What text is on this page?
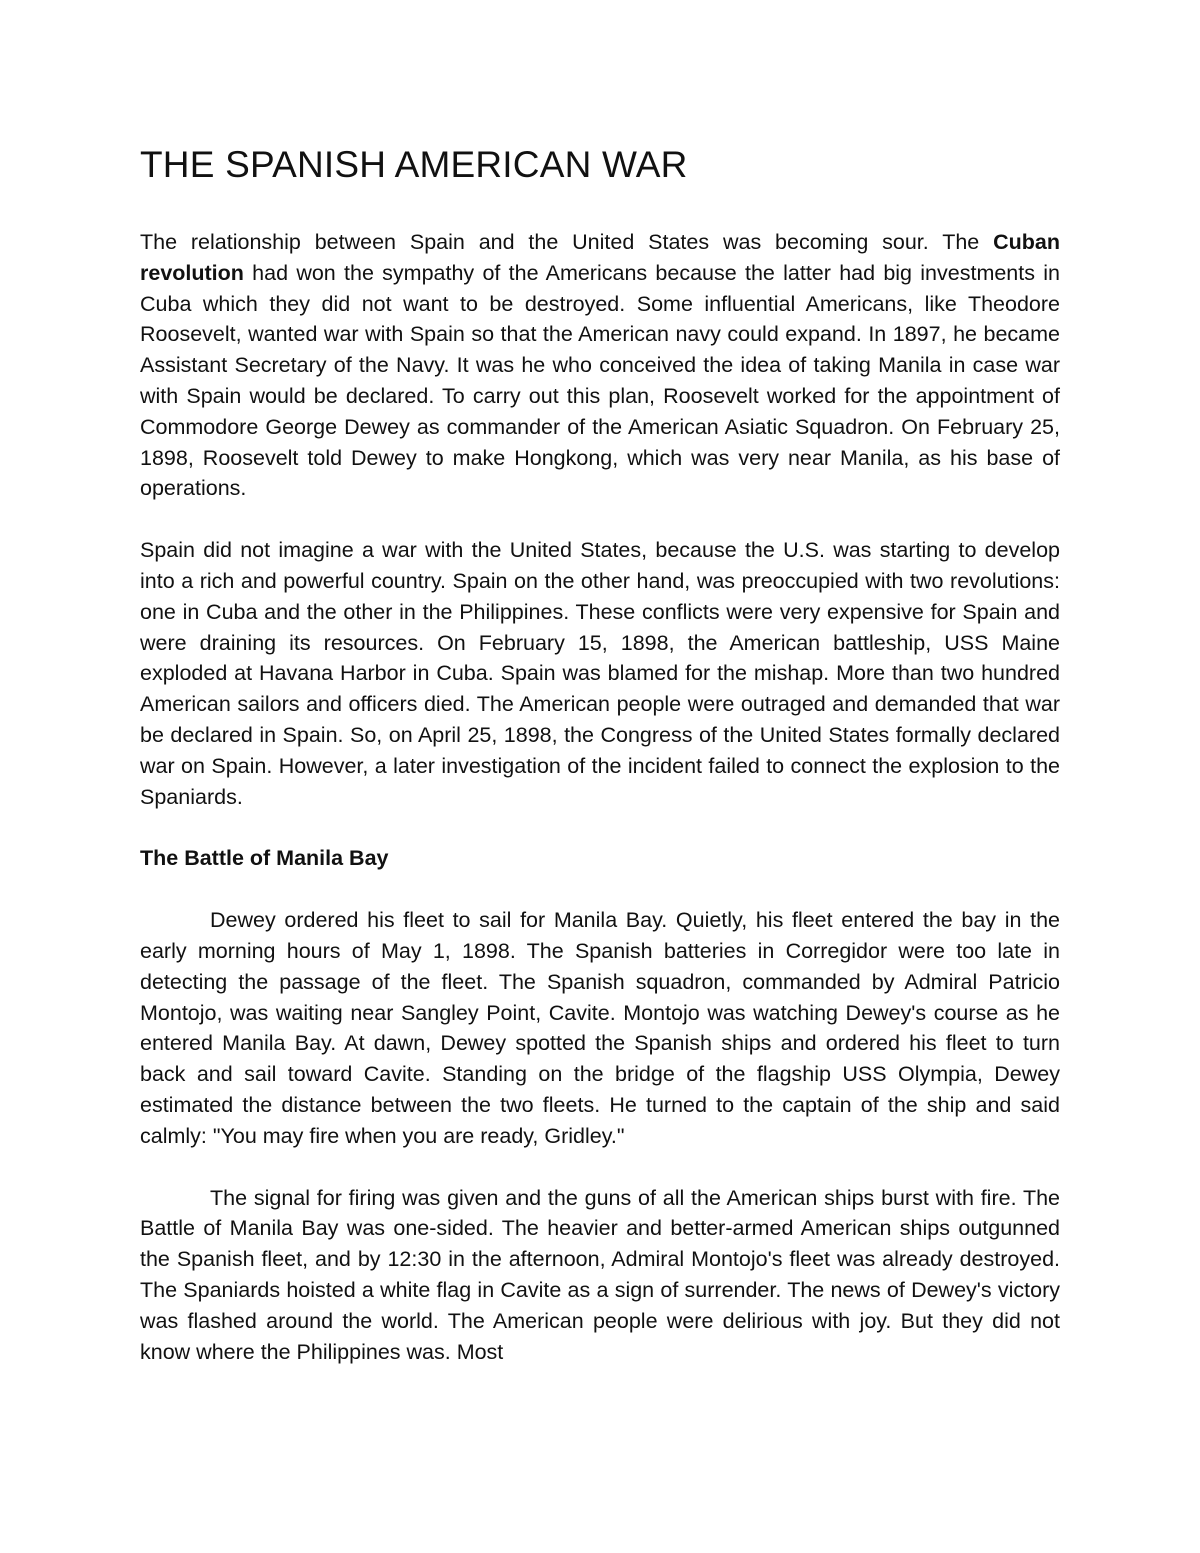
THE SPANISH AMERICAN WAR

The relationship between Spain and the United States was becoming sour. The Cuban revolution had won the sympathy of the Americans because the latter had big investments in Cuba which they did not want to be destroyed. Some influential Americans, like Theodore Roosevelt, wanted war with Spain so that the American navy could expand. In 1897, he became Assistant Secretary of the Navy. It was he who conceived the idea of taking Manila in case war with Spain would be declared. To carry out this plan, Roosevelt worked for the appointment of Commodore George Dewey as commander of the American Asiatic Squadron. On February 25, 1898, Roosevelt told Dewey to make Hongkong, which was very near Manila, as his base of operations.

Spain did not imagine a war with the United States, because the U.S. was starting to develop into a rich and powerful country. Spain on the other hand, was preoccupied with two revolutions: one in Cuba and the other in the Philippines. These conflicts were very expensive for Spain and were draining its resources. On February 15, 1898, the American battleship, USS Maine exploded at Havana Harbor in Cuba. Spain was blamed for the mishap. More than two hundred American sailors and officers died. The American people were outraged and demanded that war be declared in Spain. So, on April 25, 1898, the Congress of the United States formally declared war on Spain. However, a later investigation of the incident failed to connect the explosion to the Spaniards.

The Battle of Manila Bay

Dewey ordered his fleet to sail for Manila Bay. Quietly, his fleet entered the bay in the early morning hours of May 1, 1898. The Spanish batteries in Corregidor were too late in detecting the passage of the fleet. The Spanish squadron, commanded by Admiral Patricio Montojo, was waiting near Sangley Point, Cavite. Montojo was watching Dewey's course as he entered Manila Bay. At dawn, Dewey spotted the Spanish ships and ordered his fleet to turn back and sail toward Cavite. Standing on the bridge of the flagship USS Olympia, Dewey estimated the distance between the two fleets. He turned to the captain of the ship and said calmly: "You may fire when you are ready, Gridley."

The signal for firing was given and the guns of all the American ships burst with fire. The Battle of Manila Bay was one-sided. The heavier and better-armed American ships outgunned the Spanish fleet, and by 12:30 in the afternoon, Admiral Montojo's fleet was already destroyed. The Spaniards hoisted a white flag in Cavite as a sign of surrender. The news of Dewey's victory was flashed around the world. The American people were delirious with joy. But they did not know where the Philippines was. Most
